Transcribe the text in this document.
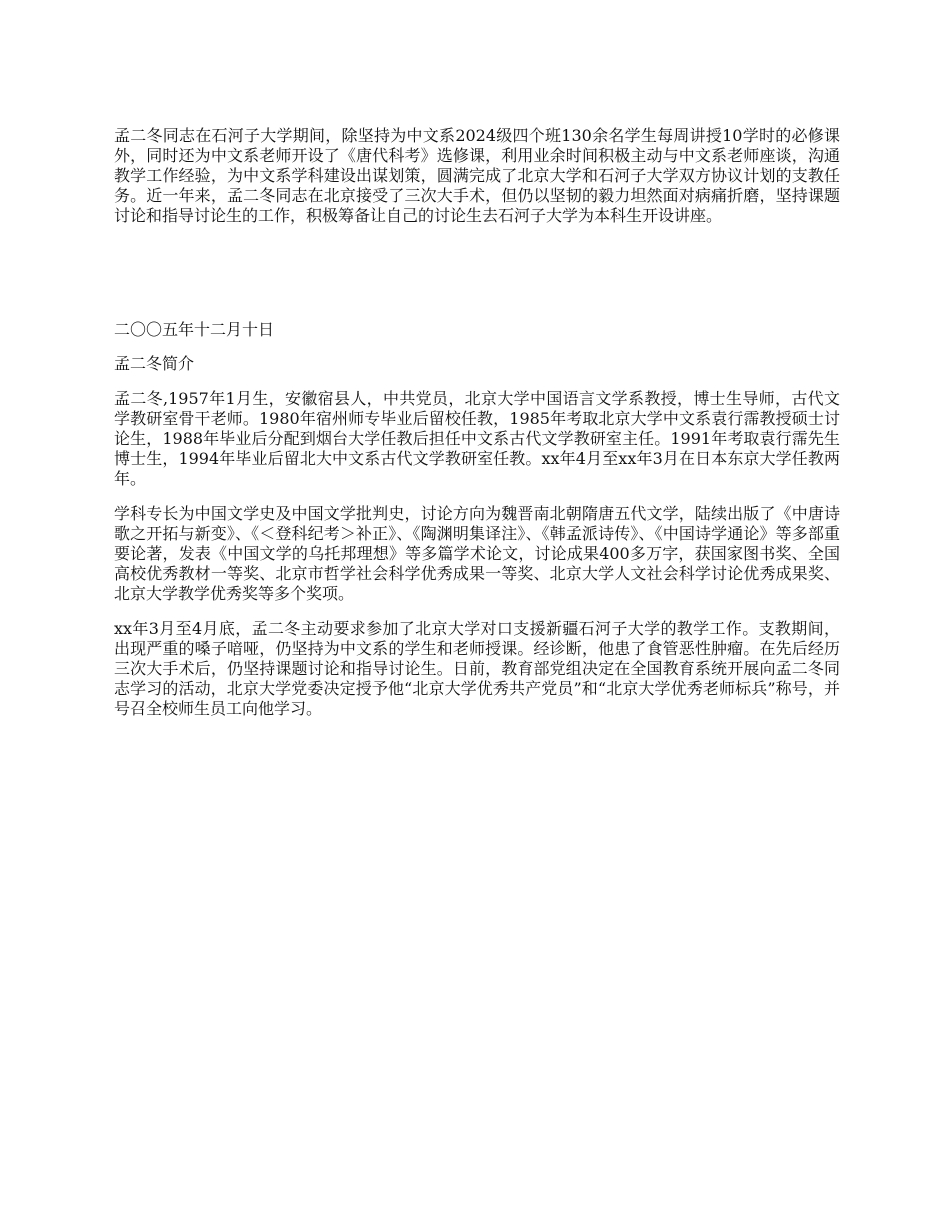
孟二冬同志在石河子大学期间，除坚持为中文系2024级四个班130余名学生每周讲授10学时的必修课外，同时还为中文系老师开设了《唐代科考》选修课，利用业余时间积极主动与中文系老师座谈，沟通教学工作经验，为中文系学科建设出谋划策，圆满完成了北京大学和石河子大学双方协议计划的支教任务。近一年来，孟二冬同志在北京接受了三次大手术，但仍以坚韧的毅力坦然面对病痛折磨，坚持课题讨论和指导讨论生的工作，积极筹备让自己的讨论生去石河子大学为本科生开设讲座。

二〇〇五年十二月十日

孟二冬简介

孟二冬,1957年1月生，安徽宿县人，中共党员，北京大学中国语言文学系教授，博士生导师，古代文学教研室骨干老师。1980年宿州师专毕业后留校任教，1985年考取北京大学中文系袁行霈教授硕士讨论生，1988年毕业后分配到烟台大学任教后担任中文系古代文学教研室主任。1991年考取袁行霈先生博士生，1994年毕业后留北大中文系古代文学教研室任教。xx年4月至xx年3月在日本东京大学任教两年。

学科专长为中国文学史及中国文学批判史，讨论方向为魏晋南北朝隋唐五代文学，陆续出版了《中唐诗歌之开拓与新变》、《＜登科纪考＞补正》、《陶渊明集译注》、《韩孟派诗传》、《中国诗学通论》等多部重要论著，发表《中国文学的乌托邦理想》等多篇学术论文，讨论成果400多万字，获国家图书奖、全国高校优秀教材一等奖、北京市哲学社会科学优秀成果一等奖、北京大学人文社会科学讨论优秀成果奖、北京大学教学优秀奖等多个奖项。

xx年3月至4月底，孟二冬主动要求参加了北京大学对口支援新疆石河子大学的教学工作。支教期间，出现严重的嗓子喑哑，仍坚持为中文系的学生和老师授课。经诊断，他患了食管恶性肿瘤。在先后经历三次大手术后，仍坚持课题讨论和指导讨论生。日前，教育部党组决定在全国教育系统开展向孟二冬同志学习的活动，北京大学党委决定授予他“北京大学优秀共产党员”和“北京大学优秀老师标兵”称号，并号召全校师生员工向他学习。
